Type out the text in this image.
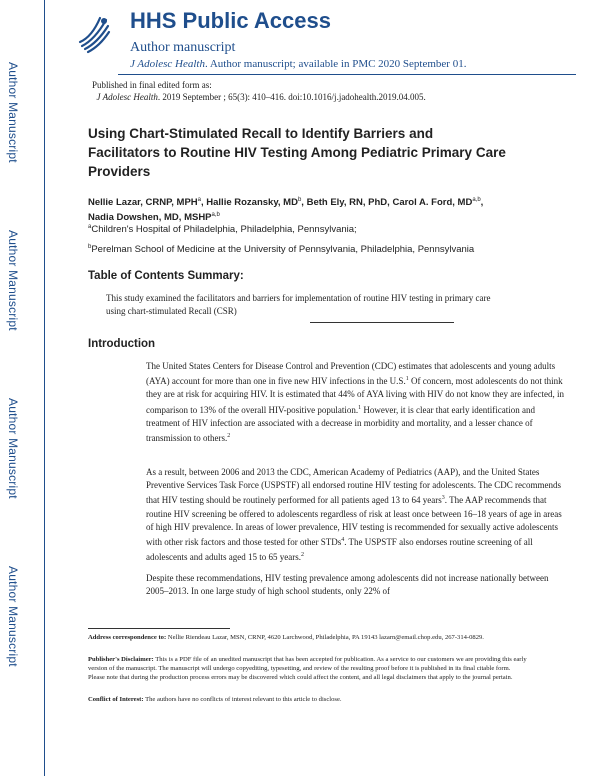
Author Manuscript
Author Manuscript
Author Manuscript
Author Manuscript
HHS Public Access
Author manuscript
J Adolesc Health. Author manuscript; available in PMC 2020 September 01.
Published in final edited form as:
J Adolesc Health. 2019 September ; 65(3): 410–416. doi:10.1016/j.jadohealth.2019.04.005.
Using Chart-Stimulated Recall to Identify Barriers and Facilitators to Routine HIV Testing Among Pediatric Primary Care Providers
Nellie Lazar, CRNP, MPH$^a$, Hallie Rozansky, $MD^b$, Beth Ely, RN, PhD, Carol A. Ford, MD$^{a,b}$,
Nadia Dowshen, MD, MSHP$^{a,b}$
$^a$Children's Hospital of Philadelphia, Philadelphia, Pennsylvania;
$^b$Perelman School of Medicine at the University of Pennsylvania, Philadelphia, Pennsylvania
Table of Contents Summary:
This study examined the facilitators and barriers for implementation of routine HIV testing in primary care using chart-stimulated Recall (CSR)
Introduction
The United States Centers for Disease Control and Prevention (CDC) estimates that adolescents and young adults (AYA) account for more than one in five new HIV infections in the U.S.$^1$ Of concern, most adolescents do not think they are at risk for acquiring HIV. It is estimated that 44% of AYA living with HIV do not know they are infected, in comparison to 13% of the overall HIV-positive population.$^1$ However, it is clear that early identification and treatment of HIV infection are associated with a decrease in morbidity and mortality, and a lesser chance of transmission to others.$^2$
As a result, between 2006 and 2013 the CDC, American Academy of Pediatrics (AAP), and the United States Preventive Services Task Force (USPSTF) all endorsed routine HIV testing for adolescents. The CDC recommends that HIV testing should be routinely performed for all patients aged 13 to 64 years$^3$. The AAP recommends that routine HIV screening be offered to adolescents regardless of risk at least once between 16–18 years of age in areas of high HIV prevalence. In areas of lower prevalence, HIV testing is recommended for sexually active adolescents with other risk factors and those tested for other STDs$^4$. The USPSTF also endorses routine screening of all adolescents and adults aged 15 to 65 years.$^2$
Despite these recommendations, HIV testing prevalence among adolescents did not increase nationally between 2005–2013. In one large study of high school students, only 22% of
Address correspondence to: Nellie Riendeau Lazar, MSN, CRNP, 4620 Larchwood, Philadelphia, PA 19143 lazarn@email.chop.edu, 267-314-0829.
Publisher's Disclaimer: This is a PDF file of an unedited manuscript that has been accepted for publication. As a service to our customers we are providing this early version of the manuscript. The manuscript will undergo copyediting, typesetting, and review of the resulting proof before it is published in its final citable form. Please note that during the production process errors may be discovered which could affect the content, and all legal disclaimers that apply to the journal pertain.
Conflict of Interest: The authors have no conflicts of interest relevant to this article to disclose.
